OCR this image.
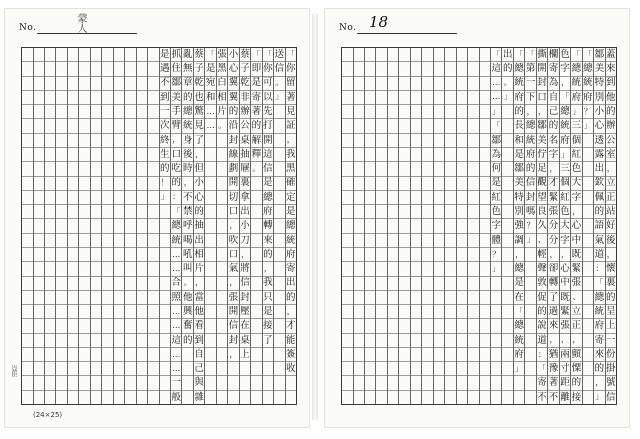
No.	蒙人
「
你
留
著
見
証
，
我
黑
確
定
是
總
統
府
寄
出
的
，
才
能
簽
收
送
信
。
」
「
你
可
以
先
打
開
這
信
是
總
府
轉
來
的
，
我
只
是
接
了
「
即
是
寄
著
的
解
釋
。
蔡
子
乾
非
辦
公
桌
抽
屜
裏
拿
出
小
刀
，
將
信
封
壓
在
桌
上
小
心
翼
翼
的
沿
封
線
劃
開
切
口
，
吹
口
氣
，
張
開
信
封
，
張
黑
白
相
片
。
「
是
宛
和
…
…
蔡
子
乾
也
驚
見
了
，
但
小
心
的
抽
出
相
片
，
當
他
看
到
自
己
與
雜
亂
無
章
的
總
統
身
後
時
，
不
禁
呼
喝
吼
叫
。
他
興
奮
的
抓
住
鄒
美
手
臂
，
口
吃
的
：
「
總
統
…
…
合
照
…
…
這
…
…
一
般
是
遇
不
到
一
次
終
生
的
！
」
豈臣
(24×25)
No. 18
蓋
來
到
他
的
辦
公
室
，
立
正
站
好
後
，
懷
裏
的
呈
上
一
份
掛
號
信
鄒
美
特
別
小
心
透
露
出
欽
佩
的
語
氣
道
：
「
總
統
府
寄
來
的
，
」
「
總
統
府
？
」
「
總
統
府
」
三
個
紅
色
大
字
，
心
中
既
緊
張
、
立
正
，
顫
慄
的
接
色
字
，
「
總
統
府
」
三
個
紅
色
大
字
，
心
中
既
緊
張
，
兩
寸
距
離
欄
寄
為
自
己
的
名
字
，
才
緊
張
分
分
，
卻
轉
了
過
來
，
猶
豫
著
不
撕
開
封
口
，
鄒
美
佇
足
觀
望
良
久
，
輕
聲
敦
促
的
說
道
：
「
寄
不
「
第
一
下
，
總
統
府
的
信
封
嗎
？
」
「
總
統
府
的
長
和
是
鄒
美
特
別
強
調
，
總
是
在
「
總
統
府
」
出
的
。
」
「
這
…
…
」
「
鄒
為
何
是
紅
色
字
體
？
」
